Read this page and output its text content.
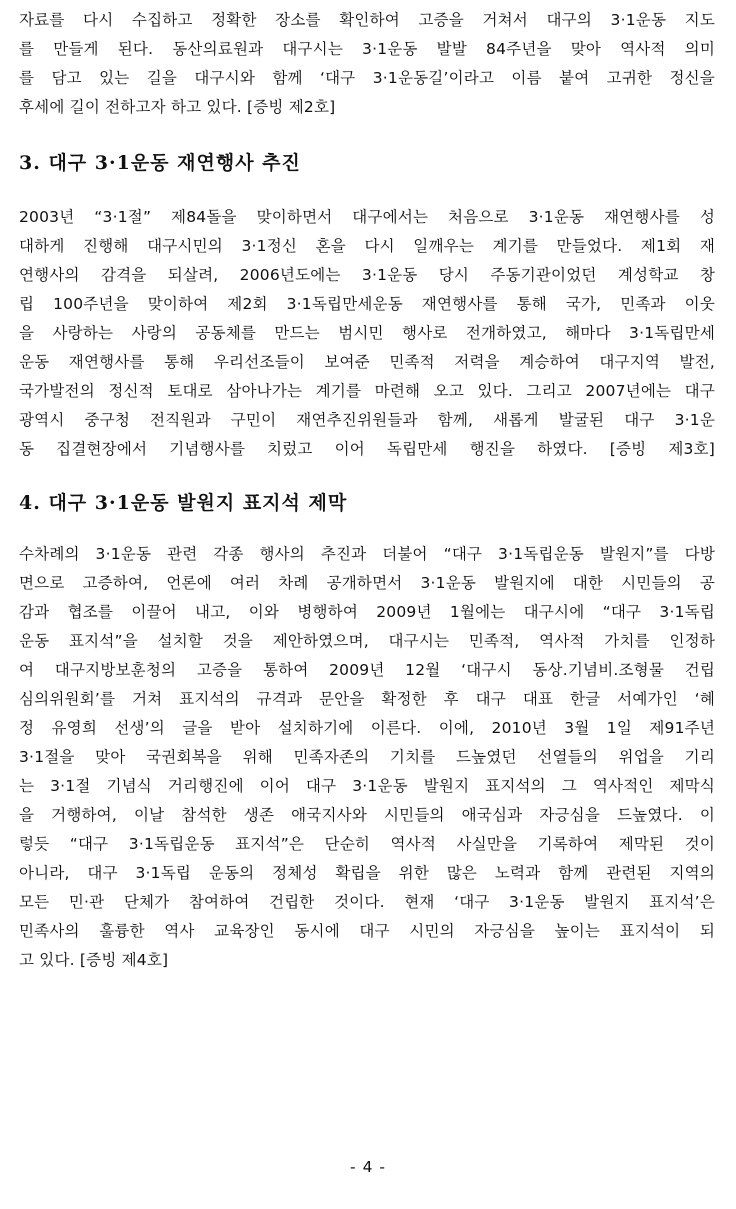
자료를 다시 수집하고 정확한 장소를 확인하여 고증을 거쳐서 대구의 3·1운동 지도
를 만들게 된다. 동산의료원과 대구시는 3·1운동 발발 84주년을 맞아 역사적 의미
를 담고 있는 길을 대구시와 함께 ‘대구 3·1운동길’이라고 이름 붙여 고귀한 정신을
후세에 길이 전하고자 하고 있다. [증빙 제2호]
3. 대구 3·1운동 재연행사 추진
2003년 “3·1절” 제84돌을 맞이하면서 대구에서는 처음으로 3·1운동 재연행사를 성
대하게 진행해 대구시민의 3·1정신 혼을 다시 일깨우는 계기를 만들었다. 제1회 재
연행사의 감격을 되살려, 2006년도에는 3·1운동 당시 주동기관이었던 계성학교 창
립 100주년을 맞이하여 제2회 3·1독립만세운동 재연행사를 통해 국가, 민족과 이웃
을 사랑하는 사랑의 공동체를 만드는 범시민 행사로 전개하였고, 해마다 3·1독립만세
운동 재연행사를 통해 우리선조들이 보여준 민족적 저력을 계승하여 대구지역 발전,
국가발전의 정신적 토대로 삼아나가는 계기를 마련해 오고 있다. 그리고 2007년에는 대구
광역시 중구청 전직원과 구민이 재연추진위원들과 함께, 새롭게 발굴된 대구 3·1운
동 집결현장에서 기념행사를 치렀고 이어 독립만세 행진을 하였다. [증빙 제3호]
4. 대구 3·1운동 발원지 표지석 제막
수차례의 3·1운동 관련 각종 행사의 추진과 더불어 “대구 3·1독립운동 발원지”를 다방
면으로 고증하여, 언론에 여러 차례 공개하면서 3·1운동 발원지에 대한 시민들의 공
감과 협조를 이끌어 내고, 이와 병행하여 2009년 1월에는 대구시에 “대구 3·1독립
운동 표지석”을 설치할 것을 제안하였으며, 대구시는 민족적, 역사적 가치를 인정하
여 대구지방보훈청의 고증을 통하여 2009년 12월 ‘대구시 동상.기념비.조형물 건립
심의위원회’를 거쳐 표지석의 규격과 문안을 확정한 후 대구 대표 한글 서예가인 ‘혜
정 유영희 선생’의 글을 받아 설치하기에 이른다. 이에, 2010년 3월 1일 제91주년
3·1절을 맞아 국권회복을 위해 민족자존의 기치를 드높였던 선열들의 위업을 기리
는 3·1절 기념식 거리행진에 이어 대구 3·1운동 발원지 표지석의 그 역사적인 제막식
을 거행하여, 이날 참석한 생존 애국지사와 시민들의 애국심과 자긍심을 드높였다. 이
렇듯 “대구 3·1독립운동 표지석”은 단순히 역사적 사실만을 기록하여 제막된 것이
아니라, 대구 3·1독립 운동의 정체성 확립을 위한 많은 노력과 함께 관련된 지역의
모든 민·관 단체가 참여하여 건립한 것이다. 현재 ‘대구 3·1운동 발원지 표지석’은
민족사의 훌륭한 역사 교육장인 동시에 대구 시민의 자긍심을 높이는 표지석이 되
고 있다. [증빙 제4호]
- 4 -
